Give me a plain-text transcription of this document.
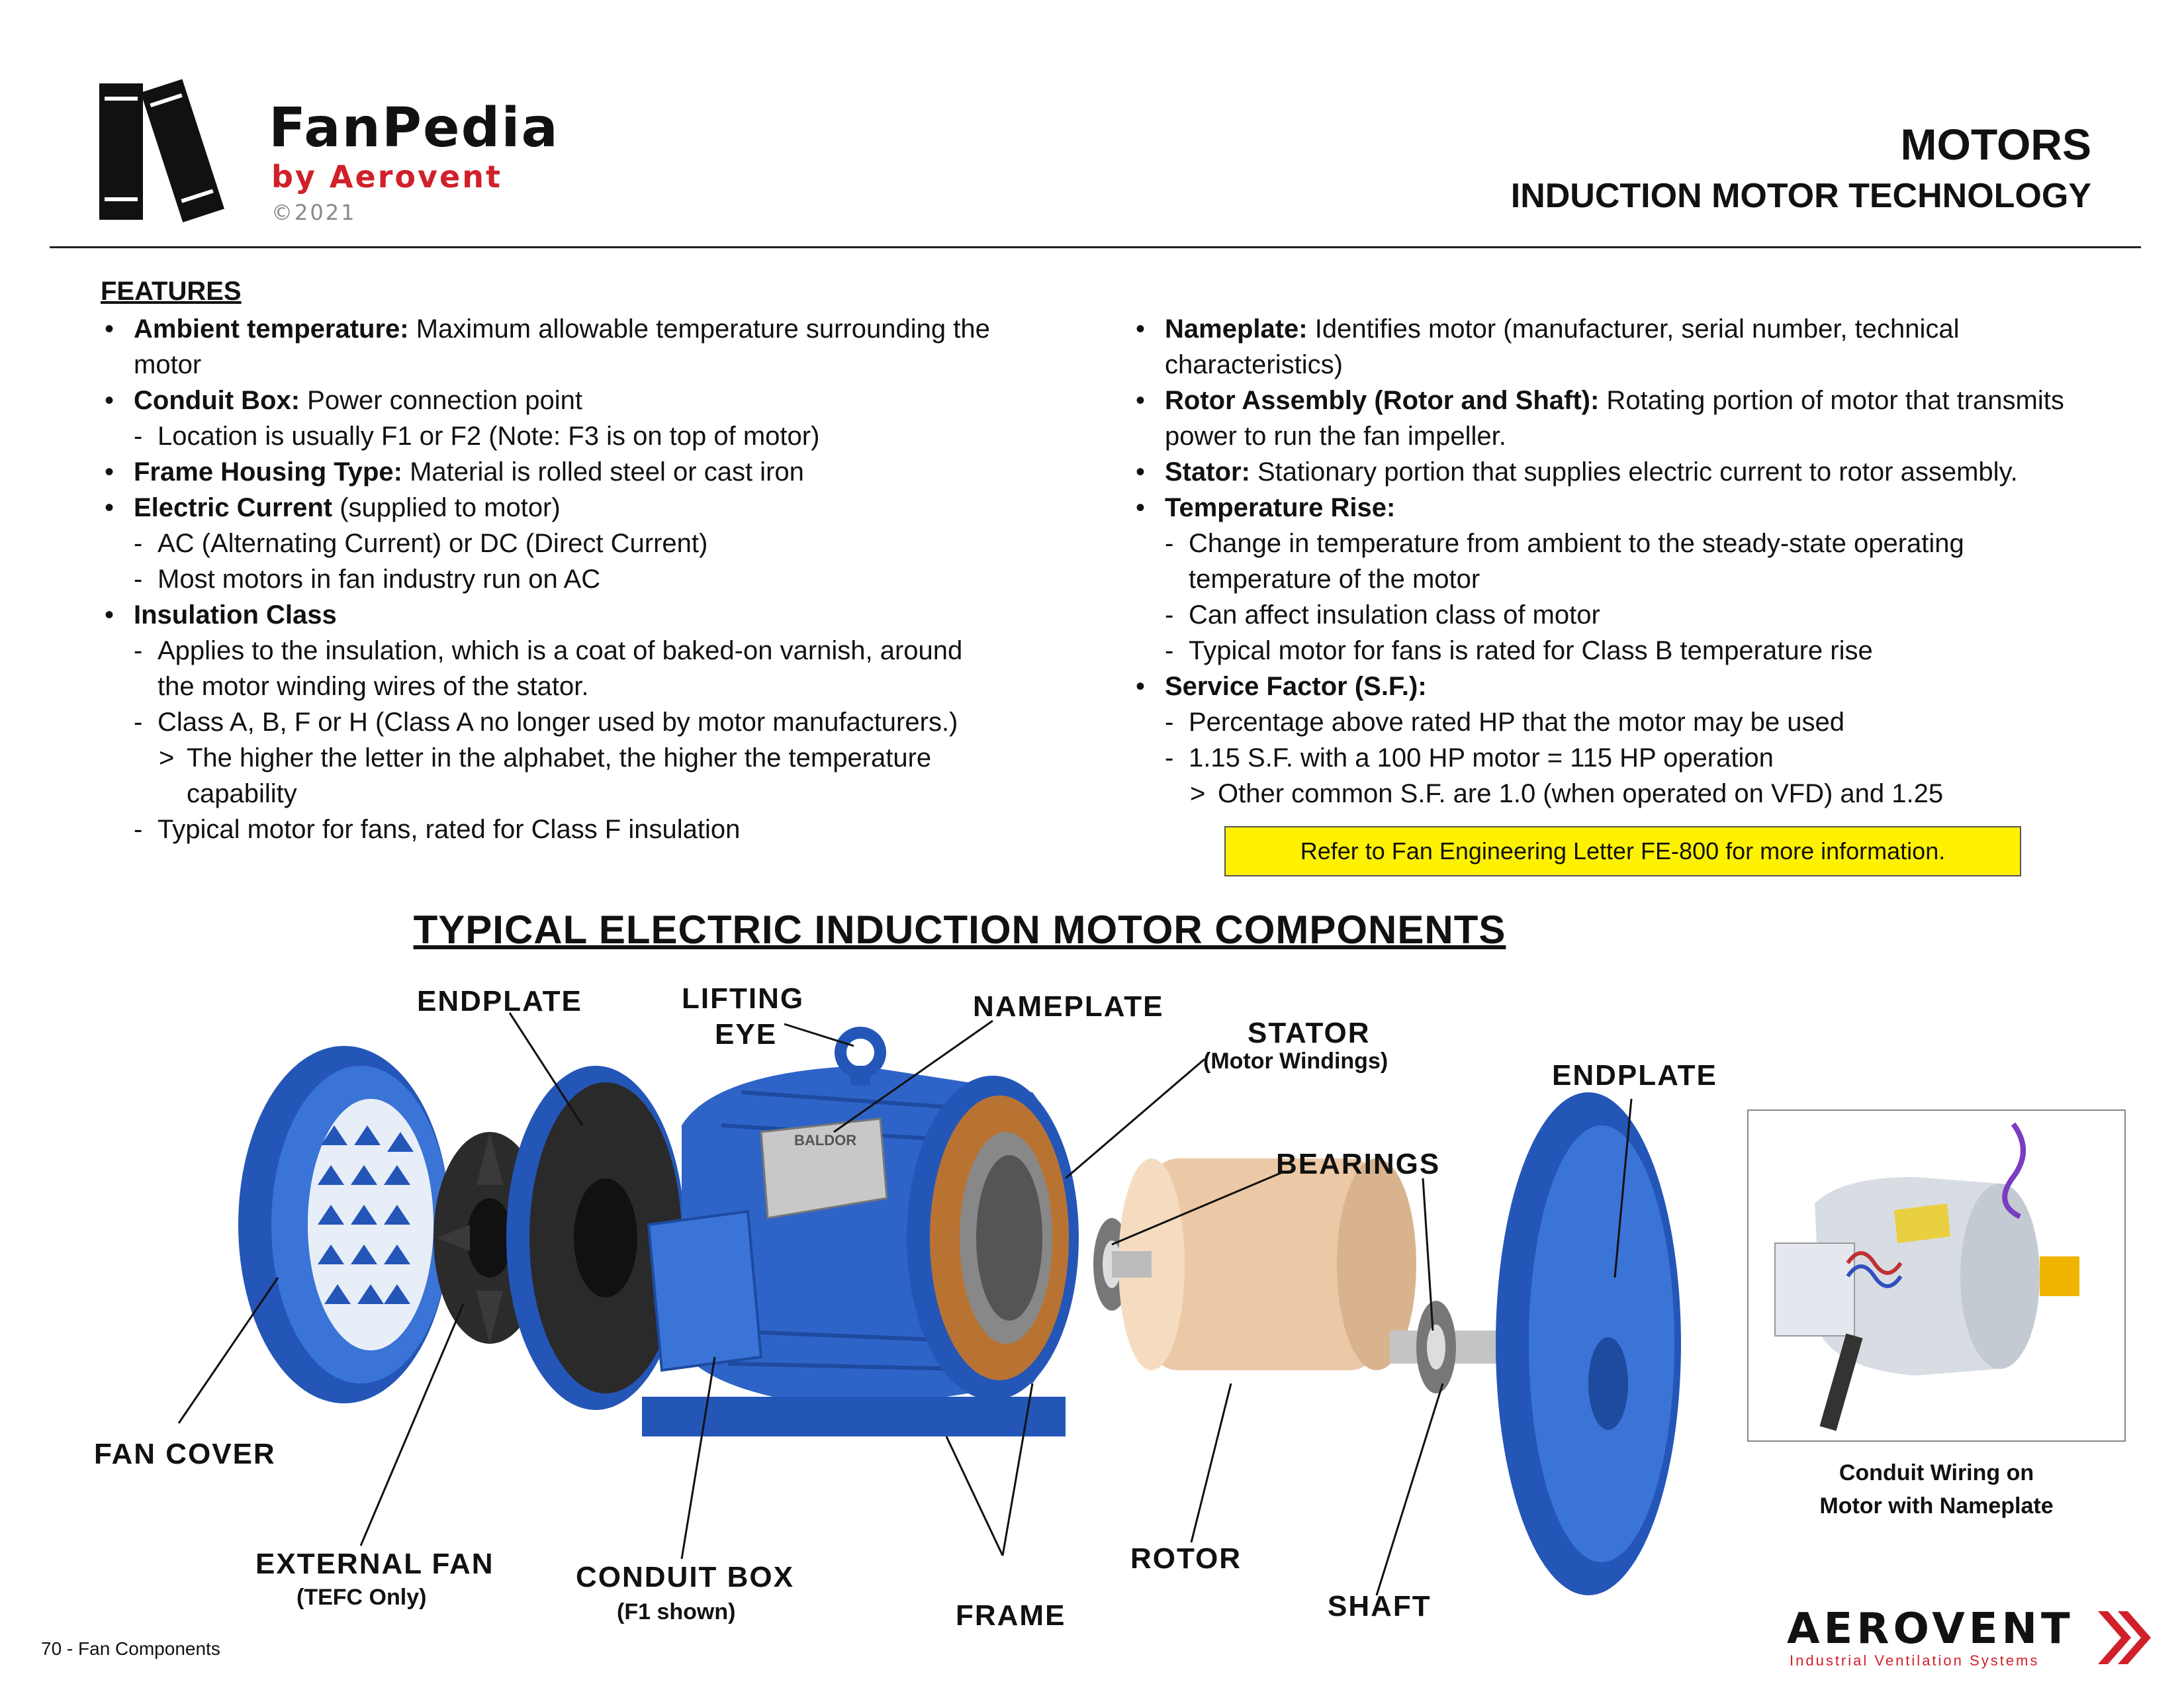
FanPedia
by Aerovent
©2021
MOTORS
INDUCTION MOTOR TECHNOLOGY
FEATURES
• Ambient temperature: Maximum allowable temperature surrounding the
motor
• Conduit Box: Power connection point
- Location is usually F1 or F2 (Note: F3 is on top of motor)
• Frame Housing Type: Material is rolled steel or cast iron
• Electric Current (supplied to motor)
- AC (Alternating Current) or DC (Direct Current)
- Most motors in fan industry run on AC
• Insulation Class
- Applies to the insulation, which is a coat of baked-on varnish, around
the motor winding wires of the stator.
- Class A, B, F or H (Class A no longer used by motor manufacturers.)
> The higher the letter in the alphabet, the higher the temperature
capability
- Typical motor for fans, rated for Class F insulation
• Nameplate: Identifies motor (manufacturer, serial number, technical
characteristics)
• Rotor Assembly (Rotor and Shaft): Rotating portion of motor that transmits
power to run the fan impeller.
• Stator: Stationary portion that supplies electric current to rotor assembly.
• Temperature Rise:
- Change in temperature from ambient to the steady-state operating
temperature of the motor
- Can affect insulation class of motor
- Typical motor for fans is rated for Class B temperature rise
• Service Factor (S.F.):
- Percentage above rated HP that the motor may be used
- 1.15 S.F. with a 100 HP motor = 115 HP operation
> Other common S.F. are 1.0 (when operated on VFD) and 1.25
Refer to Fan Engineering Letter FE-800 for more information.
TYPICAL ELECTRIC INDUCTION MOTOR COMPONENTS
BALDOR
ENDPLATE	LIFTING
EYE
NAMEPLATE
STATOR
(Motor Windings)	ENDPLATE
BEARINGS
FAN COVER
EXTERNAL FAN
(TEFC Only)
CONDUIT BOX
(F1 shown)	FRAME
ROTOR
SHAFT
Conduit Wiring on
Motor with Nameplate
70 - Fan Components	AEROVENT
Industrial Ventilation Systems
